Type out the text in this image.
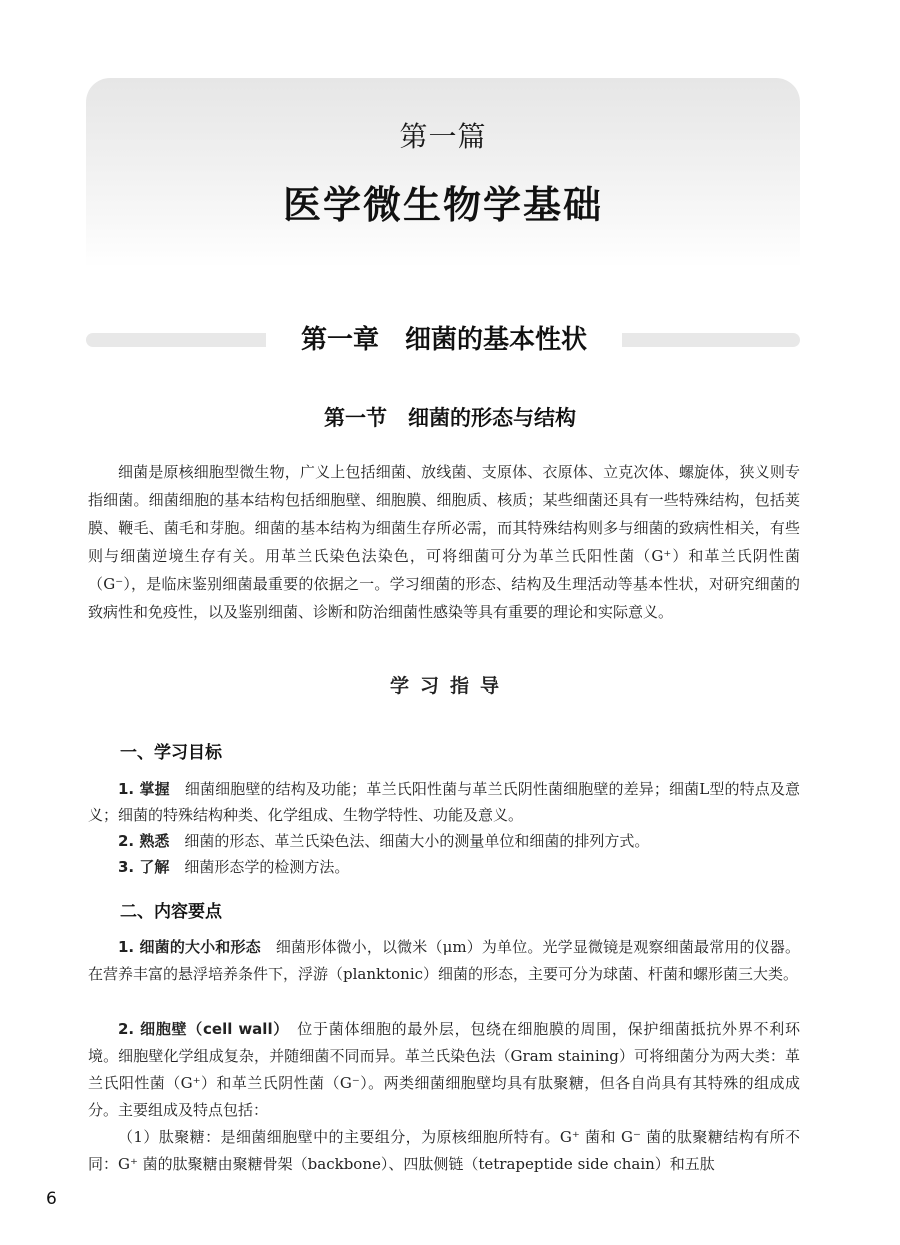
第一篇
医学微生物学基础
第一章　细菌的基本性状
第一节　细菌的形态与结构

细菌是原核细胞型微生物，广义上包括细菌、放线菌、支原体、衣原体、立克次体、螺旋体，狭义则专指细菌。细菌细胞的基本结构包括细胞壁、细胞膜、细胞质、核质；某些细菌还具有一些特殊结构，包括荚膜、鞭毛、菌毛和芽胞。细菌的基本结构为细菌生存所必需，而其特殊结构则多与细菌的致病性相关，有些则与细菌逆境生存有关。用革兰氏染色法染色，可将细菌可分为革兰氏阳性菌（G⁺）和革兰氏阴性菌（G⁻），是临床鉴别细菌最重要的依据之一。学习细菌的形态、结构及生理活动等基本性状，对研究细菌的致病性和免疫性，以及鉴别细菌、诊断和防治细菌性感染等具有重要的理论和实际意义。

学习指导
一、学习目标

1. 掌握　 细菌细胞壁的结构及功能；革兰氏阳性菌与革兰氏阴性菌细胞壁的差异；细菌L型的特点及意义；细菌的特殊结构种类、化学组成、生物学特性、功能及意义。

2. 熟悉　 细菌的形态、革兰氏染色法、细菌大小的测量单位和细菌的排列方式。

3. 了解　 细菌形态学的检测方法。

二、内容要点

1. 细菌的大小和形态　 细菌形体微小，以微米（μm）为单位。光学显微镜是观察细菌最常用的仪器。在营养丰富的悬浮培养条件下，浮游（planktonic）细菌的形态，主要可分为球菌、杆菌和螺形菌三大类。

2. 细胞壁（cell wall）　 位于菌体细胞的最外层，包绕在细胞膜的周围，保护细菌抵抗外界不利环境。细胞壁化学组成复杂，并随细菌不同而异。革兰氏染色法（Gram staining）可将细菌分为两大类：革兰氏阳性菌（G⁺）和革兰氏阴性菌（G⁻）。两类细菌细胞壁均具有肽聚糖，但各自尚具有其特殊的组成成分。主要组成及特点包括：

（1）肽聚糖：是细菌细胞壁中的主要组分，为原核细胞所特有。G⁺ 菌和 G⁻ 菌的肽聚糖结构有所不同：G⁺ 菌的肽聚糖由聚糖骨架（backbone）、四肽侧链（tetrapeptide side chain）和五肽

6
